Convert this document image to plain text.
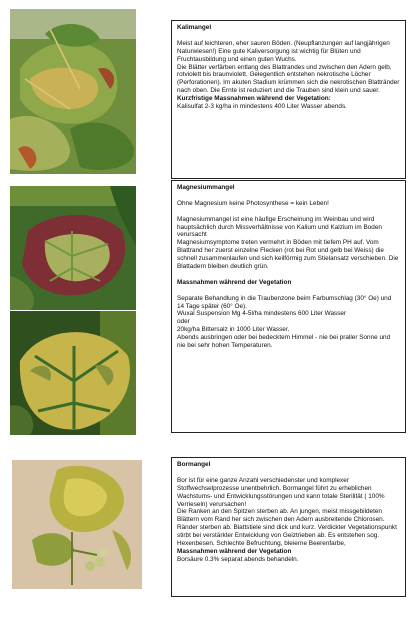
Kalimangel

Meist auf leichteren, eher sauren Böden. (Neupflanzungen auf langjährigen Naturwiesen!) Eine gute Kaliversorgung ist wichtig für Blüten und Fruchtausbildung und einen guten Wuchs.

Die Blätter verfärben entlang des Blattrandes und zwischen den Adern gelb, rotviolett bis braunviolett. Gelegentlich entstehen nekrotische Löcher (Perforationen). Im akuten Stadium krümmen sich die nekrotischen Blattränder nach oben. Die Ernte ist reduziert und die Trauben sind klein und sauer.

Kurzfristige Massnahmen während der Vegetation:

Kalisulfat 2-3 kg/ha in mindestens 400 Liter Wasser abends.

Magnesiummangel

Ohne Magnesium keine Photosynthese = kein Leben!

Magnesiummangel ist eine häufige Erscheinung im Weinbau und wird hauptsächlich durch Missverhältnisse von Kalium und Kalzium im Boden verursacht

Magnesiumsymptome treten vermehrt in Böden mit tiefem PH auf. Vom Blattrand her zuerst einzelne Flecken (rot bei Rot und gelb bei Weiss) die schnell zusammenlaufen und sich keilförmig zum Stielansatz verschieben. Die Blattadern bleiben deutlich grün.

Massnahmen während der Vegetation

Separate Behandlung in die Traubenzone beim Farbumschlag (30° Oe) und 14 Tage später (60° Oe).

Wuxal Suspension Mg 4-5l/ha mindestens 600 Liter Wasser

oder

20kg/ha Bittersalz in 1000 Liter Wasser.

Abends ausbringen oder bei bedecktem Himmel - nie bei praller Sonne und nie bei sehr hohen Temperaturen.

Bormangel

Bor ist für eine ganze Anzahl verschiedenster und komplexer Stoffwechselprozesse unentbehrlich. Bormangel führt zu erheblichen Wachstums- und Entwicklungsstörungen und kann totale Sterilität ( 100% Verrieseln) verursachen!

Die Ranken an den Spitzen sterben ab. An jungen, meist missgebildeten Blättern vom Rand her sich zwischen den Adern ausbreitende Chlorosen. Ränder sterben ab. Blattstiele sind dick und kurz. Verdickter Vegetationspunkt stirbt bei verstärkter Entwicklung von Geiztrieben ab. Es entstehen sog. Hexenbesen. Schlechte Befruchtung, bleierne Beerenfarbe,

Massnahmen während der Vegetation

Borsäure 0.3% separat abends behandeln.
